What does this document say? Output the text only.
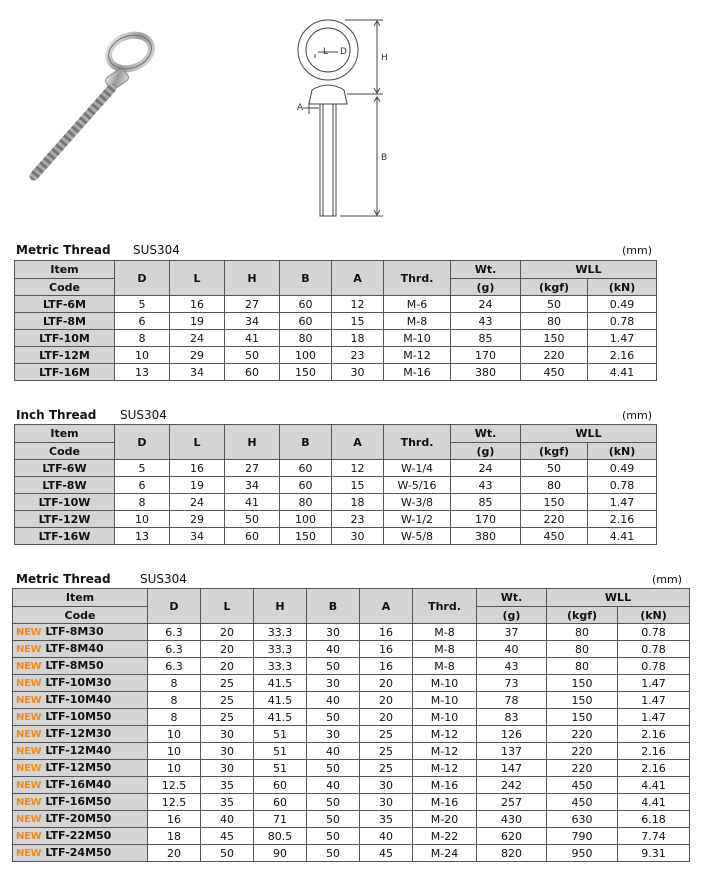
L D
H
A
B
Metric Thread SUS304	(mm)
Item	D	L	H	B	A	Thrd.	Wt.	WLL	
Code							(g)	(kgf)	(kN)
LTF-6M	5	16	27	60	12	M-6	24	50	0.49
LTF-8M	6	19	34	60	15	M-8	43	80	0.78
LTF-10M	8	24	41	80	18	M-10	85	150	1.47
LTF-12M	10	29	50	100	23	M-12	170	220	2.16
LTF-16M	13	34	60	150	30	M-16	380	450	4.41
Inch Thread SUS304	(mm)
Item	D	L	H	B	A	Thrd.	Wt.	WLL	
Code							(g)	(kgf)	(kN)
LTF-6W	5	16	27	60	12	W-1/4	24	50	0.49
LTF-8W	6	19	34	60	15	W-5/16	43	80	0.78
LTF-10W	8	24	41	80	18	W-3/8	85	150	1.47
LTF-12W	10	29	50	100	23	W-1/2	170	220	2.16
LTF-16W	13	34	60	150	30	W-5/8	380	450	4.41
Metric Thread SUS304	(mm)
Item	D	L	H	B	A	Thrd.	Wt.	WLL	
Code							(g)	(kgf)	(kN)
NEW LTF-8M30	6.3	20	33.3	30	16	M-8	37	80	0.78
NEW LTF-8M40	6.3	20	33.3	40	16	M-8	40	80	0.78
NEW LTF-8M50	6.3	20	33.3	50	16	M-8	43	80	0.78
NEW LTF-10M30	8	25	41.5	30	20	M-10	73	150	1.47
NEW LTF-10M40	8	25	41.5	40	20	M-10	78	150	1.47
NEW LTF-10M50	8	25	41.5	50	20	M-10	83	150	1.47
NEW LTF-12M30	10	30	51	30	25	M-12	126	220	2.16
NEW LTF-12M40	10	30	51	40	25	M-12	137	220	2.16
NEW LTF-12M50	10	30	51	50	25	M-12	147	220	2.16
NEW LTF-16M40	12.5	35	60	40	30	M-16	242	450	4.41
NEW LTF-16M50	12.5	35	60	50	30	M-16	257	450	4.41
NEW LTF-20M50	16	40	71	50	35	M-20	430	630	6.18
NEW LTF-22M50	18	45	80.5	50	40	M-22	620	790	7.74
NEW LTF-24M50	20	50	90	50	45	M-24	820	950	9.31
